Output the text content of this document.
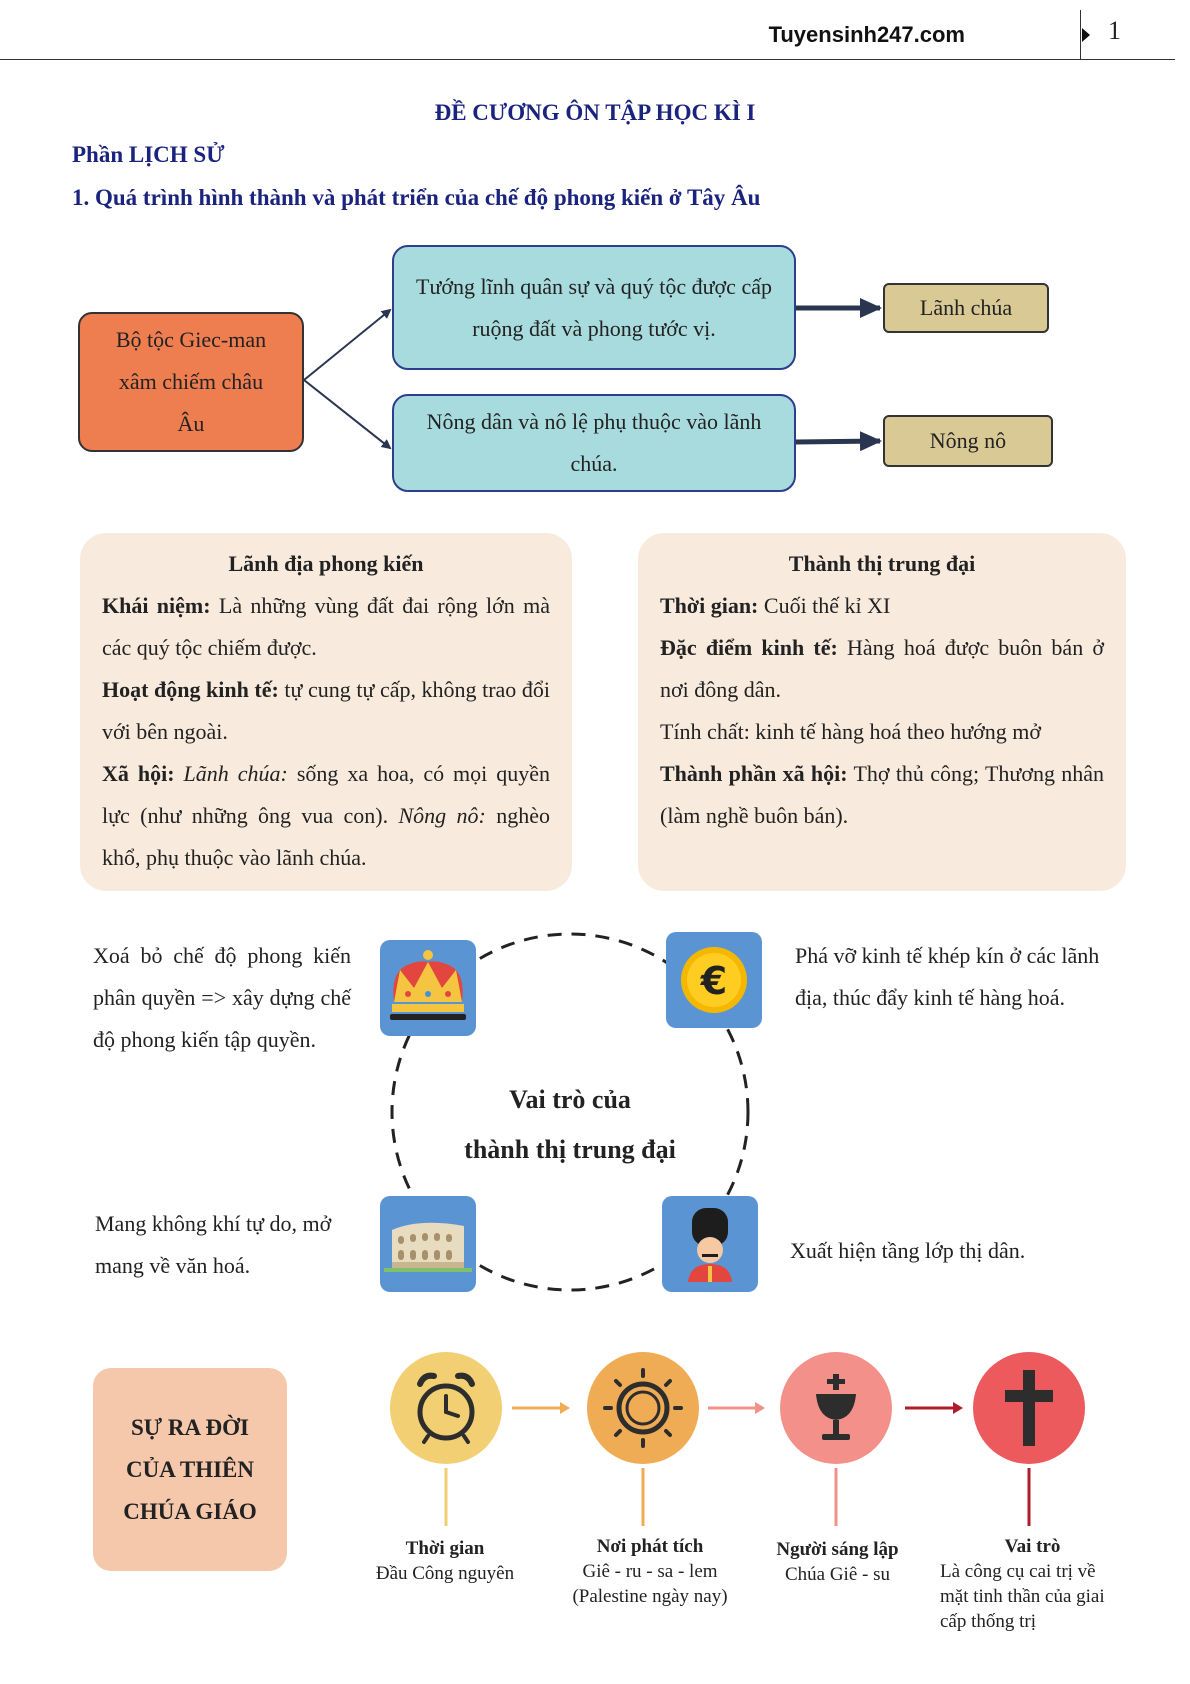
Tuyensinh247.com	1
ĐỀ CƯƠNG ÔN TẬP HỌC KÌ I
Phần LỊCH SỬ
1. Quá trình hình thành và phát triển của chế độ phong kiến ở Tây Âu
Bộ tộc Giec-man xâm chiếm châu Âu
Tướng lĩnh quân sự và quý tộc được cấp ruộng đất và phong tước vị.
Nông dân và nô lệ phụ thuộc vào lãnh chúa.
Lãnh chúa
Nông nô
Lãnh địa phong kiến

Khái niệm: Là những vùng đất đai rộng lớn mà các quý tộc chiếm được.

Hoạt động kinh tế: tự cung tự cấp, không trao đổi với bên ngoài.

Xã hội: Lãnh chúa: sống xa hoa, có mọi quyền lực (như những ông vua con). Nông nô: nghèo khổ, phụ thuộc vào lãnh chúa.

Thành thị trung đại

Thời gian: Cuối thế kỉ XI

Đặc điểm kinh tế: Hàng hoá được buôn bán ở nơi đông dân.

Tính chất: kinh tế hàng hoá theo hướng mở

Thành phần xã hội: Thợ thủ công; Thương nhân (làm nghề buôn bán).

Vai trò của
thành thị trung đại
Xoá bỏ chế độ phong kiến phân quyền => xây dựng chế độ phong kiến tập quyền.
Phá vỡ kinh tế khép kín ở các lãnh địa, thúc đẩy kinh tế hàng hoá.
Mang không khí tự do, mở mang về văn hoá.
Xuất hiện tầng lớp thị dân.
€
SỰ RA ĐỜI CỦA THIÊN CHÚA GIÁO
Thời gian
Đầu Công nguyên
Nơi phát tích
Giê - ru - sa - lem (Palestine ngày nay)
Người sáng lập
Chúa Giê - su
Vai trò
Là công cụ cai trị về mặt tinh thần của giai cấp thống trị
